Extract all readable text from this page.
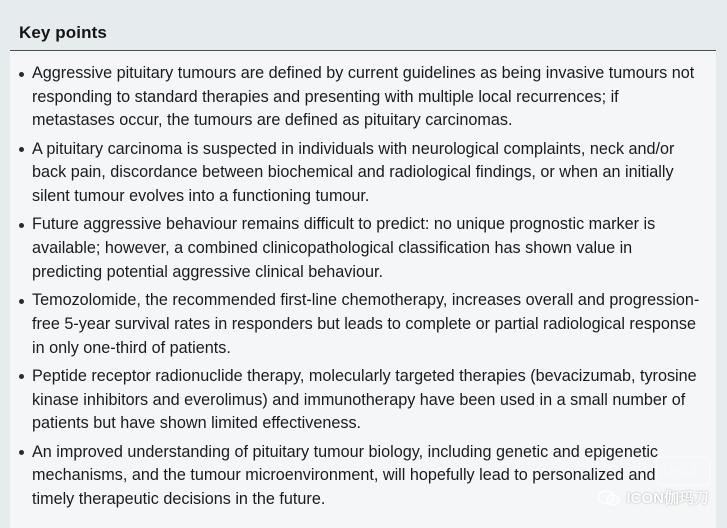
Key points
Aggressive pituitary tumours are defined by current guidelines as being invasive tumours not responding to standard therapies and presenting with multiple local recurrences; if metastases occur, the tumours are defined as pituitary carcinomas.
A pituitary carcinoma is suspected in individuals with neurological complaints, neck and/or back pain, discordance between biochemical and radiological findings, or when an initially silent tumour evolves into a functioning tumour.
Future aggressive behaviour remains difficult to predict: no unique prognostic marker is available; however, a combined clinicopathological classification has shown value in predicting potential aggressive clinical behaviour.
Temozolomide, the recommended first-line chemotherapy, increases overall and progression-free 5-year survival rates in responders but leads to complete or partial radiological response in only one-third of patients.
Peptide receptor radionuclide therapy, molecularly targeted therapies (bevacizumab, tyrosine kinase inhibitors and everolimus) and immunotherapy have been used in a small number of patients but have shown limited effectiveness.
An improved understanding of pituitary tumour biology, including genetic and epigenetic mechanisms, and the tumour microenvironment, will hopefully lead to personalized and timely therapeutic decisions in the future.
陕医汇
ICON伽玛刀
